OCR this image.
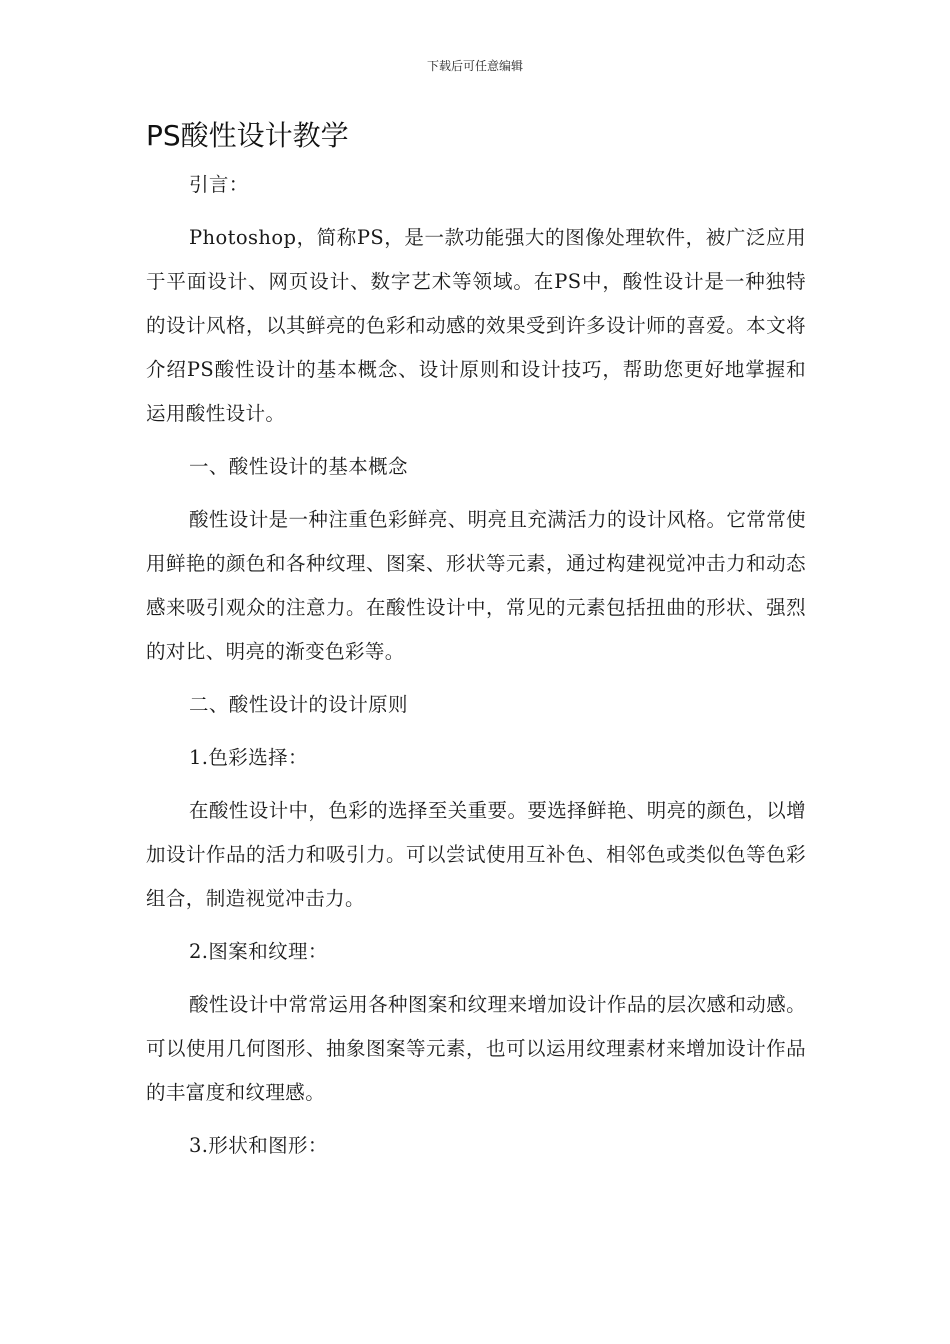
下载后可任意编辑
PS酸性设计教学

引言：

Photoshop，简称PS，是一款功能强大的图像处理软件，被广泛应用于平面设计、网页设计、数字艺术等领域。在PS中，酸性设计是一种独特的设计风格，以其鲜亮的色彩和动感的效果受到许多设计师的喜爱。本文将介绍PS酸性设计的基本概念、设计原则和设计技巧，帮助您更好地掌握和运用酸性设计。

一、酸性设计的基本概念

酸性设计是一种注重色彩鲜亮、明亮且充满活力的设计风格。它常常使用鲜艳的颜色和各种纹理、图案、形状等元素，通过构建视觉冲击力和动态感来吸引观众的注意力。在酸性设计中，常见的元素包括扭曲的形状、强烈的对比、明亮的渐变色彩等。

二、酸性设计的设计原则

1.色彩选择：

在酸性设计中，色彩的选择至关重要。要选择鲜艳、明亮的颜色，以增加设计作品的活力和吸引力。可以尝试使用互补色、相邻色或类似色等色彩组合，制造视觉冲击力。

2.图案和纹理：

酸性设计中常常运用各种图案和纹理来增加设计作品的层次感和动感。可以使用几何图形、抽象图案等元素，也可以运用纹理素材来增加设计作品的丰富度和纹理感。

3.形状和图形：
